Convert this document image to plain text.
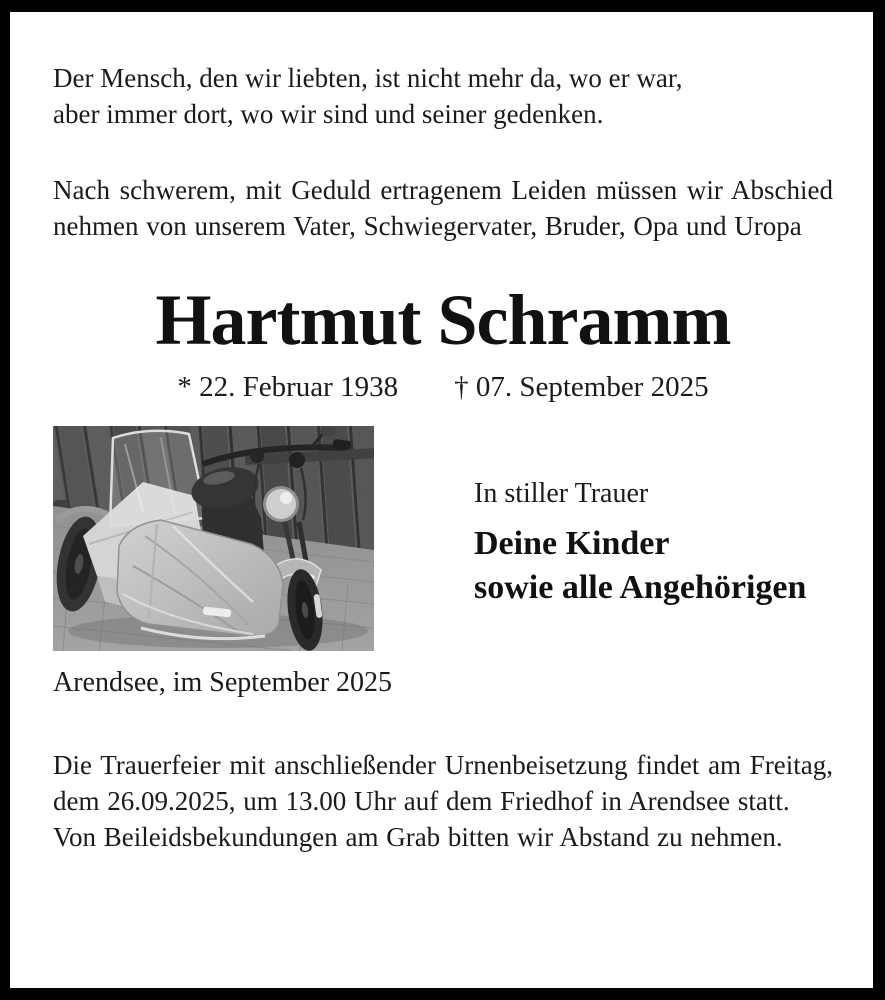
Der Mensch, den wir liebten, ist nicht mehr da, wo er war,
aber immer dort, wo wir sind und seiner gedenken.

Nach schwerem, mit Geduld ertragenem Leiden müssen wir Abschied nehmen von unserem Vater, Schwiegervater, Bruder, Opa und Uropa

Hartmut Schramm
* 22. Februar 1938 † 07. September 2025

In stiller Trauer

Deine Kinder

sowie alle Angehörigen

Arendsee, im September 2025

Die Trauerfeier mit anschließender Urnenbeisetzung findet am Freitag, dem 26.09.2025, um 13.00 Uhr auf dem Friedhof in Arendsee statt.

Von Beileidsbekundungen am Grab bitten wir Abstand zu nehmen.
